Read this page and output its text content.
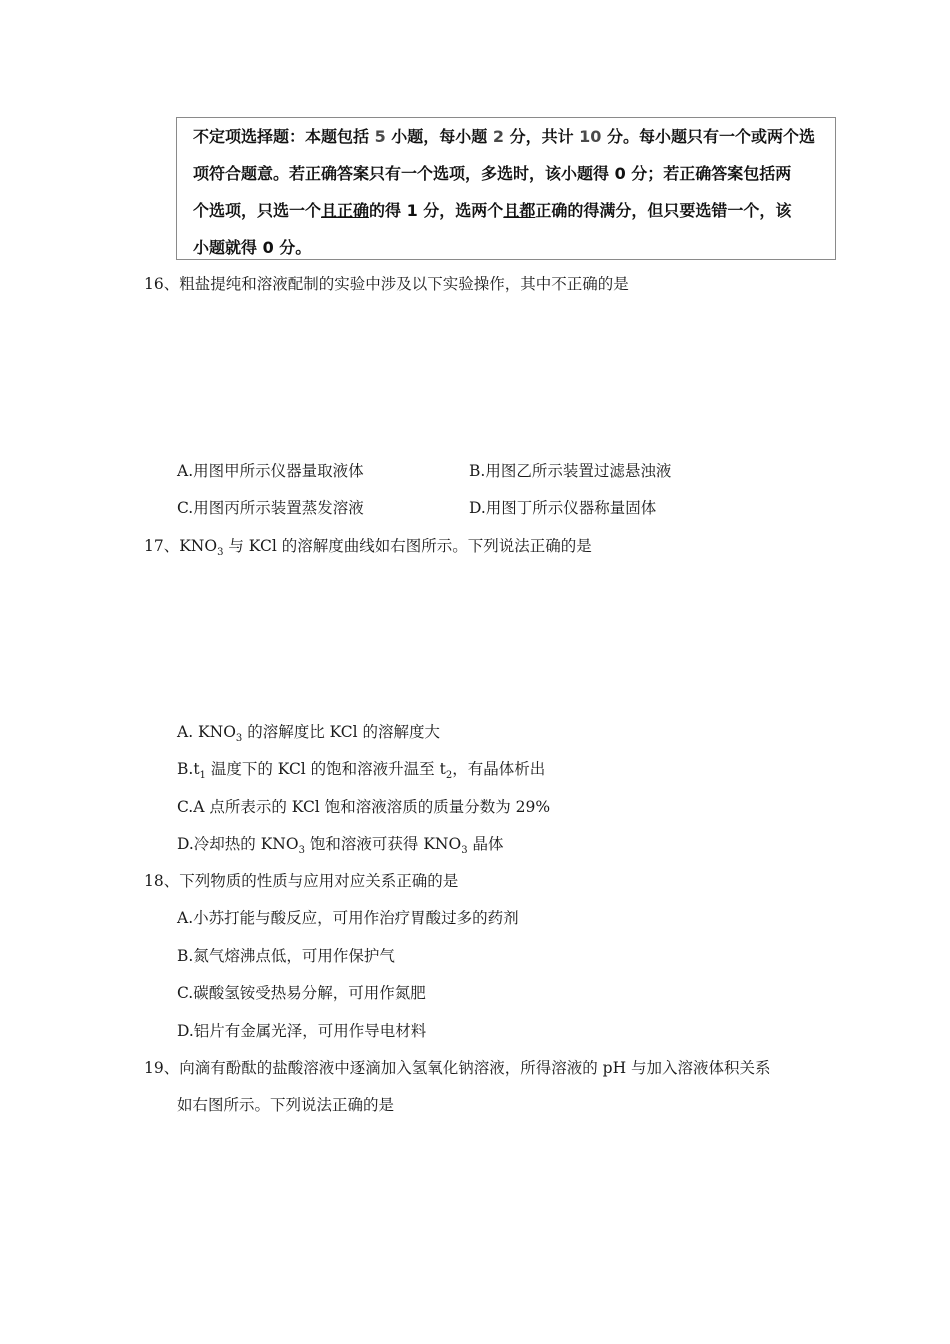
不定项选择题：本题包括 5 小题，每小题 2 分，共计 10 分。每小题只有一个或两个选
项符合题意。若正确答案只有一个选项，多选时，该小题得 0 分；若正确答案包括两
个选项，只选一个且正确的得 1 分，选两个且都正确的得满分，但只要选错一个，该
小题就得 0 分。
16、粗盐提纯和溶液配制的实验中涉及以下实验操作，其中不正确的是
A.用图甲所示仪器量取液体	B.用图乙所示装置过滤悬浊液
C.用图丙所示装置蒸发溶液	D.用图丁所示仪器称量固体
17、$KNO_3$ 与 KCl 的溶解度曲线如右图所示。下列说法正确的是
A. $KNO_3$ 的溶解度比 KCl 的溶解度大
$B.t_1$ 温度下的 KCl 的饱和溶液升温至 $t_2$，有晶体析出
C.A 点所表示的 KCl 饱和溶液溶质的质量分数为 29%
D.冷却热的 $KNO_3$ 饱和溶液可获得 $KNO_3$ 晶体
18、下列物质的性质与应用对应关系正确的是
A.小苏打能与酸反应，可用作治疗胃酸过多的药剂
B.氮气熔沸点低，可用作保护气
C.碳酸氢铵受热易分解，可用作氮肥
D.铝片有金属光泽，可用作导电材料
19、向滴有酚酞的盐酸溶液中逐滴加入氢氧化钠溶液，所得溶液的 pH 与加入溶液体积关系
如右图所示。下列说法正确的是
